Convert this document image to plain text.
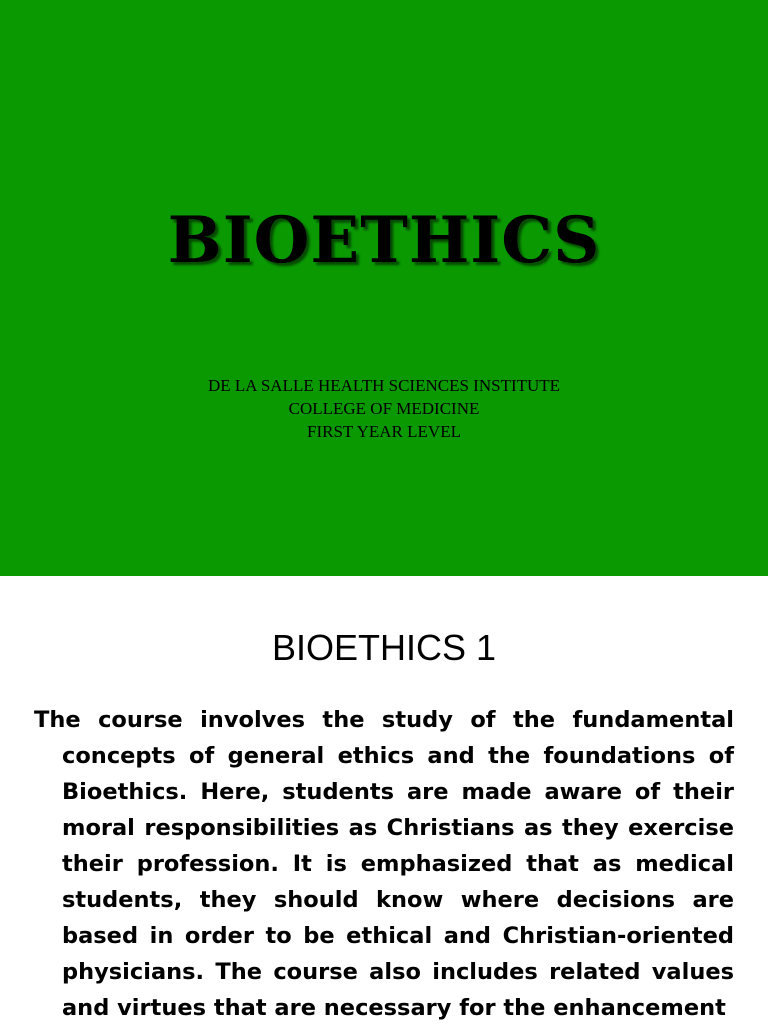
BIOETHICS
DE LA SALLE HEALTH SCIENCES INSTITUTE
COLLEGE OF MEDICINE
FIRST YEAR LEVEL
BIOETHICS 1
The course involves the study of the fundamental concepts of general ethics and the foundations of Bioethics. Here, students are made aware of their moral responsibilities as Christians as they exercise their profession. It is emphasized that as medical students, they should know where decisions are based in order to be ethical and Christian-oriented physicians. The course also includes related values and virtues that are necessary for the enhancement
